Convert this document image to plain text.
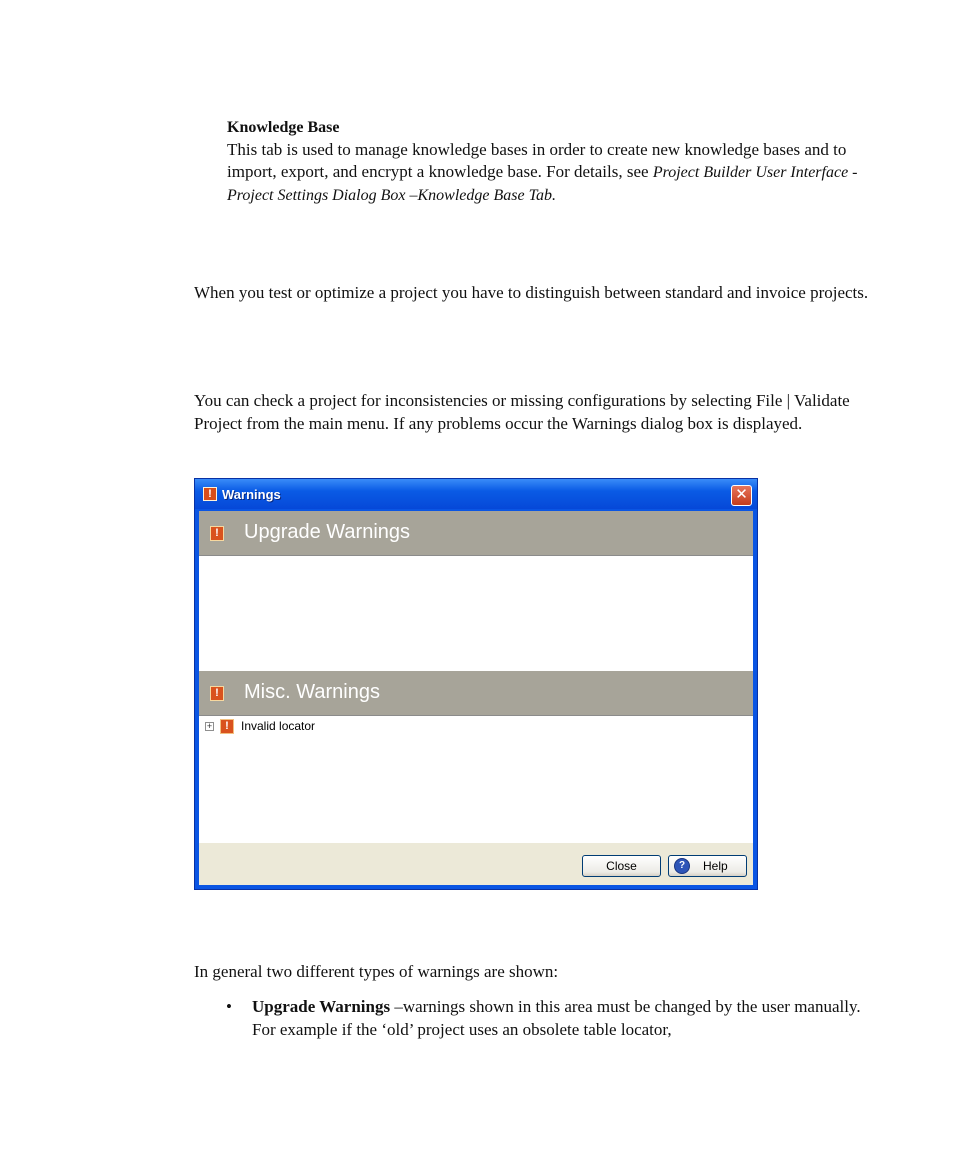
Knowledge Base
This tab is used to manage knowledge bases in order to create new knowledge bases and to import, export, and encrypt a knowledge base. For details, see Project Builder User Interface - Project Settings Dialog Box –Knowledge Base Tab.
When you test or optimize a project you have to distinguish between standard and invoice projects.
You can check a project for inconsistencies or missing configurations by selecting File | Validate Project from the main menu. If any problems occur the Warnings dialog box is displayed.
! Warnings	✕
! Upgrade Warnings
! Misc. Warnings
+	!	Invalid locator
Close	?	Help
In general two different types of warnings are shown:
• Upgrade Warnings –warnings shown in this area must be changed by the user manually. For example if the ‘old’ project uses an obsolete table locator,
